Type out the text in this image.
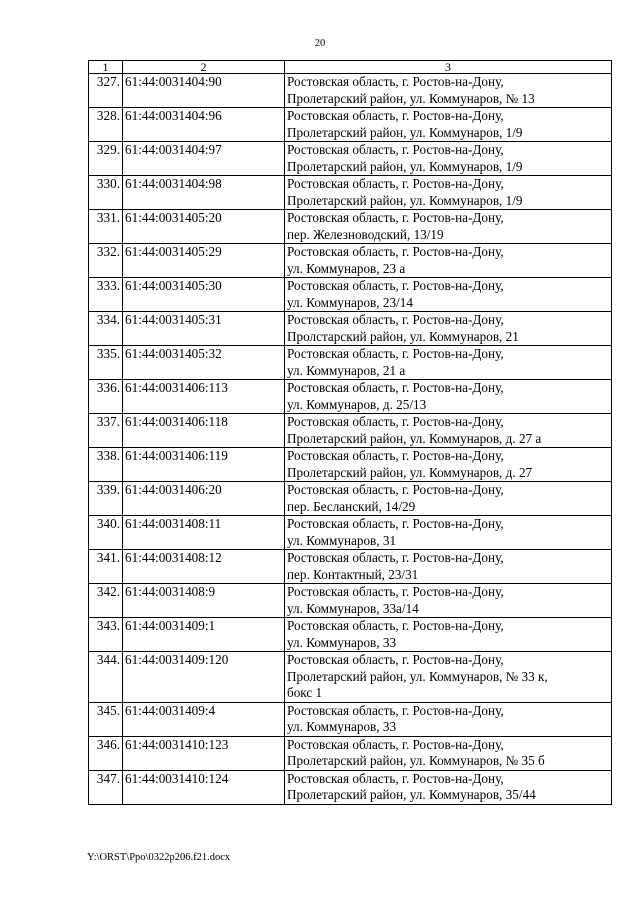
20
1	2	3
327.	61:44:0031404:90	Ростовская область, г. Ростов-на-Дону,
Пролетарский район, ул. Коммунаров, № 13

328.	61:44:0031404:96	Ростовская область, г. Ростов-на-Дону,
Пролетарский район, ул. Коммунаров, 1/9

329.	61:44:0031404:97	Ростовская область, г. Ростов-на-Дону,
Пролетарский район, ул. Коммунаров, 1/9

330.	61:44:0031404:98	Ростовская область, г. Ростов-на-Дону,
Пролетарский район, ул. Коммунаров, 1/9

331.	61:44:0031405:20	Ростовская область, г. Ростов-на-Дону,
пер. Железноводский, 13/19

332.	61:44:0031405:29	Ростовская область, г. Ростов-на-Дону,
ул. Коммунаров, 23 а

333.	61:44:0031405:30	Ростовская область, г. Ростов-на-Дону,
ул. Коммунаров, 23/14

334.	61:44:0031405:31	Ростовская область, г. Ростов-на-Дону,
Пролстарский район, ул. Коммунаров, 21

335.	61:44:0031405:32	Ростовская область, г. Ростов-на-Дону,
ул. Коммунаров, 21 а

336.	61:44:0031406:113	Ростовская область, г. Ростов-на-Дону,
ул. Коммунаров, д. 25/13

337.	61:44:0031406:118	Ростовская область, г. Ростов-на-Дону,
Пролетарский район, ул. Коммунаров, д. 27 а

338.	61:44:0031406:119	Ростовская область, г. Ростов-на-Дону,
Пролетарский район, ул. Коммунаров, д. 27

339.	61:44:0031406:20	Ростовская область, г. Ростов-на-Дону,
пер. Бесланский, 14/29

340.	61:44:0031408:11	Ростовская область, г. Ростов-на-Дону,
ул. Коммунаров, 31

341.	61:44:0031408:12	Ростовская область, г. Ростов-на-Дону,
пер. Контактный, 23/31

342.	61:44:0031408:9	Ростовская область, г. Ростов-на-Дону,
ул. Коммунаров, 33а/14

343.	61:44:0031409:1	Ростовская область, г. Ростов-на-Дону,
ул. Коммунаров, 33

344.	61:44:0031409:120	Ростовская область, г. Ростов-на-Дону,
Пролетарский район, ул. Коммунаров, № 33 к,
бокс 1

345.	61:44:0031409:4	Ростовская область, г. Ростов-на-Дону,
ул. Коммунаров, 33

346.	61:44:0031410:123	Ростовская область, г. Ростов-на-Дону,
Пролетарский район, ул. Коммунаров, № 35 б

347.	61:44:0031410:124	Ростовская область, г. Ростов-на-Дону,
Пролетарский район, ул. Коммунаров, 35/44
Y:\ORST\Ppo\0322p206.f21.docx
